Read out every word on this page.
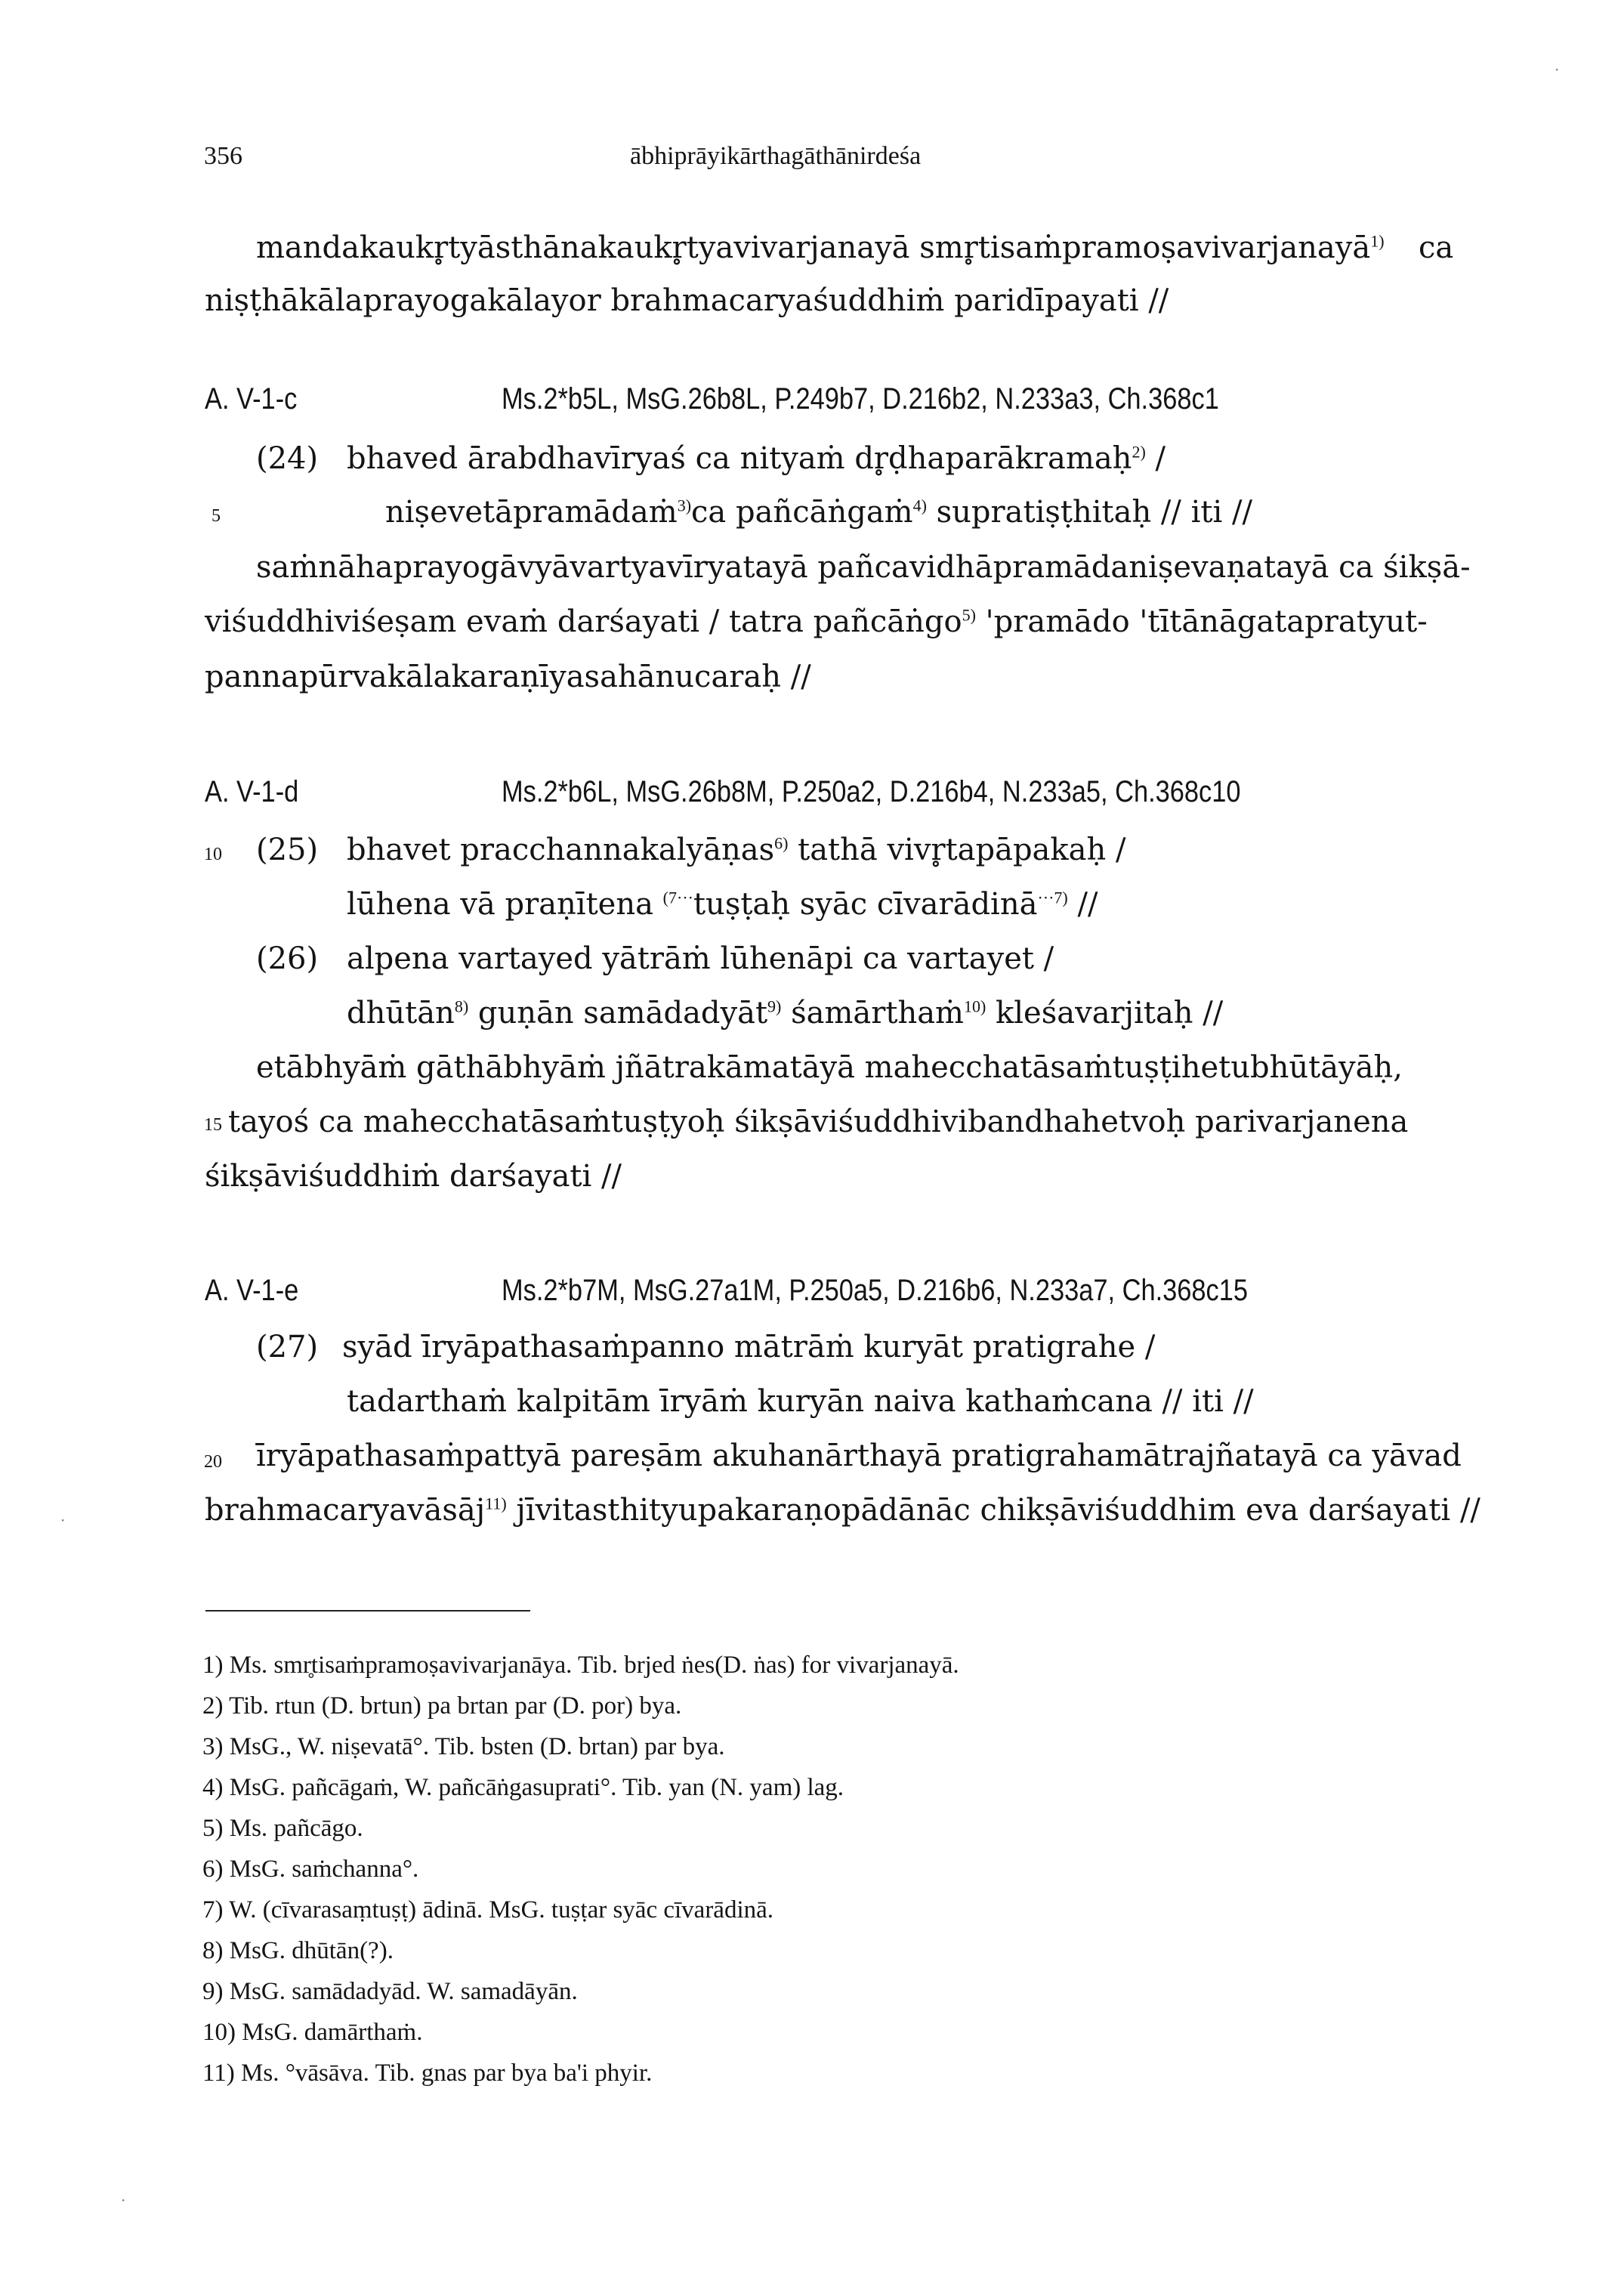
356	ābhiprāyikārthagāthānirdeśa
mandakaukr̥tyāsthānakaukr̥tyavivarjanayā smr̥tisaṁpramoṣavivarjanayā$^{1)}$ ca
niṣṭhākālaprayogakālayor brahmacaryaśuddhiṁ paridīpayati //
A. V-1-c	Ms.2*b5L, MsG.26b8L, P.249b7, D.216b2, N.233a3, Ch.368c1
(24) bhaved ārabdhavīryaś ca nityaṁ dr̥ḍhaparākramaḥ$^{2)}$ /
5	niṣevetāpramādaṁ$^{3)}$ca pañcāṅgaṁ$^{4)}$ supratiṣṭhitaḥ // iti //
saṁnāhaprayogāvyāvartyavīryatayā pañcavidhāpramādaniṣevaṇatayā ca śikṣā-
viśuddhiviśeṣam evaṁ darśayati / tatra pañcāṅgo$^{5)}$ 'pramādo 'tītānāgatapratyut-
pannapūrvakālakaraṇīyasahānucaraḥ //
A. V-1-d	Ms.2*b6L, MsG.26b8M, P.250a2, D.216b4, N.233a5, Ch.368c10
10 (25) bhavet pracchannakalyāṇas$^{6)}$ tathā vivr̥tapāpakaḥ /
lūhena vā praṇītena $^{(7\cdot\cdot\cdot}$tuṣṭaḥ syāc cīvarādinā$^{\cdot\cdot\cdot 7)}$ //
(26) alpena vartayed yātrāṁ lūhenāpi ca vartayet /
dhūtān$^{8)}$ guṇān samādadyāt$^{9)}$ śamārthaṁ$^{10)}$ kleśavarjitaḥ //
etābhyāṁ gāthābhyāṁ jñātrakāmatāyā mahecchatāsaṁtuṣṭihetubhūtāyāḥ,
15 tayoś ca mahecchatāsaṁtuṣṭyoḥ śikṣāviśuddhivibandhahetvoḥ parivarjanena
śikṣāviśuddhiṁ darśayati //
A. V-1-e	Ms.2*b7M, MsG.27a1M, P.250a5, D.216b6, N.233a7, Ch.368c15
(27) syād īryāpathasaṁpanno mātrāṁ kuryāt pratigrahe /
tadarthaṁ kalpitām īryāṁ kuryān naiva kathaṁcana // iti //
20 īryāpathasaṁpattyā pareṣām akuhanārthayā pratigrahamātrajñatayā ca yāvad
brahmacaryavāsāj$^{11)}$ jīvitasthityupakaraṇopādānāc chikṣāviśuddhim eva darśayati //
1) Ms. smr̥tisaṁpramoṣavivarjanāya. Tib. brjed ṅes(D. ṅas) for vivarjanayā.
2) Tib. rtun (D. brtun) pa brtan par (D. por) bya.
3) MsG., W. niṣevatā°. Tib. bsten (D. brtan) par bya.
4) MsG. pañcāgaṁ, W. pañcāṅgasuprati°. Tib. yan (N. yam) lag.
5) Ms. pañcāgo.
6) MsG. saṁchanna°.
7) W. (cīvarasaṃtuṣṭ) ādinā. MsG. tuṣṭar syāc cīvarādinā.
8) MsG. dhūtān(?).
9) MsG. samādadyād. W. samadāyān.
10) MsG. damārthaṁ.
11) Ms. °vāsāva. Tib. gnas par bya ba'i phyir.
·
·
·
